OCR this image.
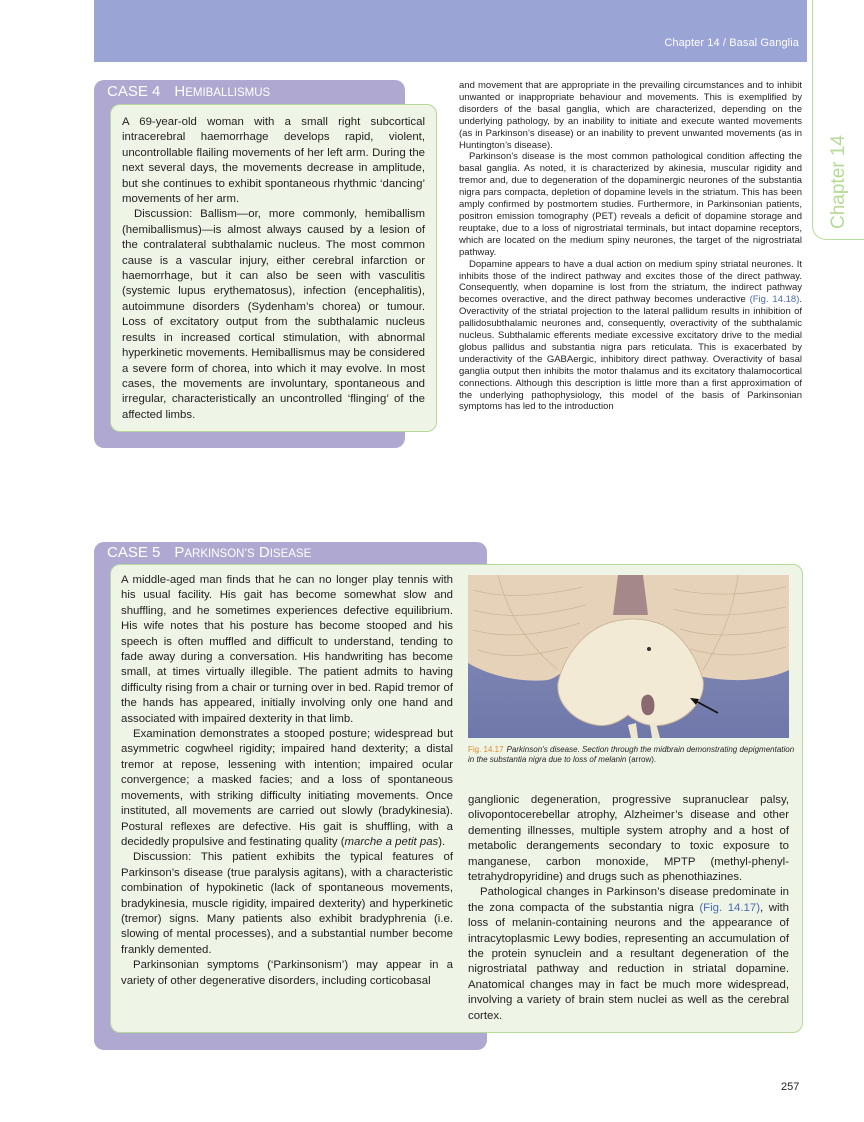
Chapter 14 / Basal Ganglia
Chapter 14
CASE 4 HEMIBALLISMUS

A 69-year-old woman with a small right subcortical intracerebral haemorrhage develops rapid, violent, uncontrollable flailing movements of her left arm. During the next several days, the movements decrease in amplitude, but she continues to exhibit spontaneous rhythmic ‘dancing’ movements of her arm.

Discussion: Ballism—or, more commonly, hemiballism (hemiballismus)—is almost always caused by a lesion of the contralateral subthalamic nucleus. The most common cause is a vascular injury, either cerebral infarction or haemorrhage, but it can also be seen with vasculitis (systemic lupus erythematosus), infection (encephalitis), autoimmune disorders (Sydenham’s chorea) or tumour. Loss of excitatory output from the subthalamic nucleus results in increased cortical stimulation, with abnormal hyperkinetic movements. Hemiballismus may be considered a severe form of chorea, into which it may evolve. In most cases, the movements are involuntary, spontaneous and irregular, characteristically an uncontrolled ‘flinging’ of the affected limbs.

and movement that are appropriate in the prevailing circumstances and to inhibit unwanted or inappropriate behaviour and movements. This is exemplified by disorders of the basal ganglia, which are characterized, depending on the underlying pathology, by an inability to initiate and execute wanted movements (as in Parkinson’s disease) or an inability to prevent unwanted movements (as in Huntington’s disease).

Parkinson’s disease is the most common pathological condition affecting the basal ganglia. As noted, it is characterized by akinesia, muscular rigidity and tremor and, due to degeneration of the dopaminergic neurones of the substantia nigra pars compacta, depletion of dopamine levels in the striatum. This has been amply confirmed by postmortem studies. Furthermore, in Parkinsonian patients, positron emission tomography (PET) reveals a deficit of dopamine storage and reuptake, due to a loss of nigrostriatal terminals, but intact dopamine receptors, which are located on the medium spiny neurones, the target of the nigrostriatal pathway.

Dopamine appears to have a dual action on medium spiny striatal neurones. It inhibits those of the indirect pathway and excites those of the direct pathway. Consequently, when dopamine is lost from the striatum, the indirect pathway becomes overactive, and the direct pathway becomes underactive (Fig. 14.18). Overactivity of the striatal projection to the lateral pallidum results in inhibition of pallidosubthalamic neurones and, consequently, overactivity of the subthalamic nucleus. Subthalamic efferents mediate excessive excitatory drive to the medial globus pallidus and substantia nigra pars reticulata. This is exacerbated by underactivity of the GABAergic, inhibitory direct pathway. Overactivity of basal ganglia output then inhibits the motor thalamus and its excitatory thalamocortical connections. Although this description is little more than a first approximation of the underlying pathophysiology, this model of the basis of Parkinsonian symptoms has led to the introduction

CASE 5 PARKINSON’S DISEASE

A middle-aged man finds that he can no longer play tennis with his usual facility. His gait has become somewhat slow and shuffling, and he sometimes experiences defective equilibrium. His wife notes that his posture has become stooped and his speech is often muffled and difficult to understand, tending to fade away during a conversation. His handwriting has become small, at times virtually illegible. The patient admits to having difficulty rising from a chair or turning over in bed. Rapid tremor of the hands has appeared, initially involving only one hand and associated with impaired dexterity in that limb.

Examination demonstrates a stooped posture; widespread but asymmetric cogwheel rigidity; impaired hand dexterity; a distal tremor at repose, lessening with intention; impaired ocular convergence; a masked facies; and a loss of spontaneous movements, with striking difficulty initiating movements. Once instituted, all movements are carried out slowly (bradykinesia). Postural reflexes are defective. His gait is shuffling, with a decidedly propulsive and festinating quality (marche a petit pas).

Discussion: This patient exhibits the typical features of Parkinson’s disease (true paralysis agitans), with a characteristic combination of hypokinetic (lack of spontaneous movements, bradykinesia, muscle rigidity, impaired dexterity) and hyperkinetic (tremor) signs. Many patients also exhibit bradyphrenia (i.e. slowing of mental processes), and a substantial number become frankly demented.

Parkinsonian symptoms (‘Parkinsonism’) may appear in a variety of other degenerative disorders, including corticobasal

Fig. 14.17 Parkinson’s disease. Section through the midbrain demonstrating depigmentation in the substantia nigra due to loss of melanin (arrow).

ganglionic degeneration, progressive supranuclear palsy, olivopontocerebellar atrophy, Alzheimer’s disease and other dementing illnesses, multiple system atrophy and a host of metabolic derangements secondary to toxic exposure to manganese, carbon monoxide, MPTP (methyl-phenyl-tetrahydropyridine) and drugs such as phenothiazines.

Pathological changes in Parkinson’s disease predominate in the zona compacta of the substantia nigra (Fig. 14.17), with loss of melanin-containing neurons and the appearance of intracytoplasmic Lewy bodies, representing an accumulation of the protein synuclein and a resultant degeneration of the nigrostriatal pathway and reduction in striatal dopamine. Anatomical changes may in fact be much more widespread, involving a variety of brain stem nuclei as well as the cerebral cortex.

257
